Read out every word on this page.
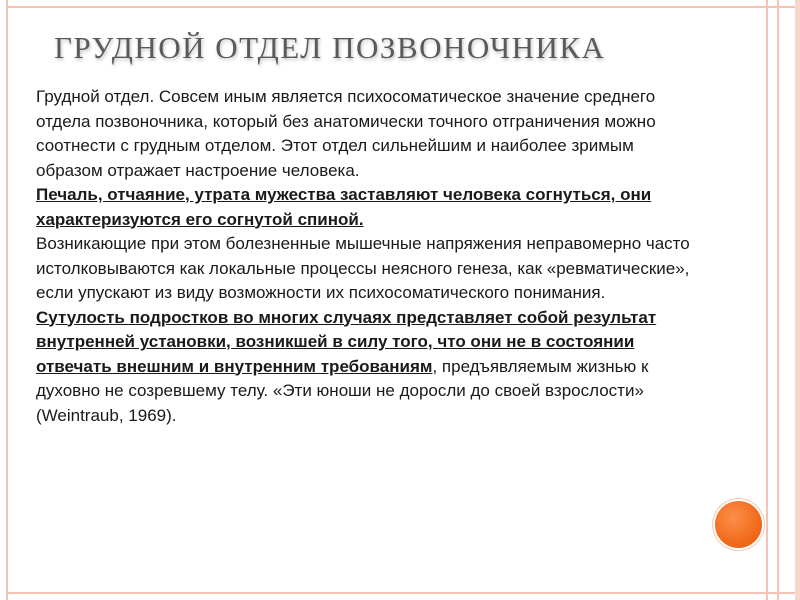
ГРУДНОЙ ОТДЕЛ ПОЗВОНОЧНИКА
Грудной отдел. Совсем иным является психосоматическое значение среднего отдела позвоночника, который без анатомически точного отграничения можно соотнести с грудным отделом. Этот отдел сильнейшим и наиболее зримым образом отражает настроение человека.
Печаль, отчаяние, утрата мужества заставляют человека согнуться, они характеризуются его согнутой спиной.
Возникающие при этом болезненные мышечные напряжения неправомерно часто истолковываются как локальные процессы неясного генеза, как «ревматические», если упускают из виду возможности их психосоматического понимания.
Сутулость подростков во многих случаях представляет собой результат внутренней установки, возникшей в силу того, что они не в состоянии отвечать внешним и внутренним требованиям, предъявляемым жизнью к духовно не созревшему телу. «Эти юноши не доросли до своей взрослости» (Weintraub, 1969).
